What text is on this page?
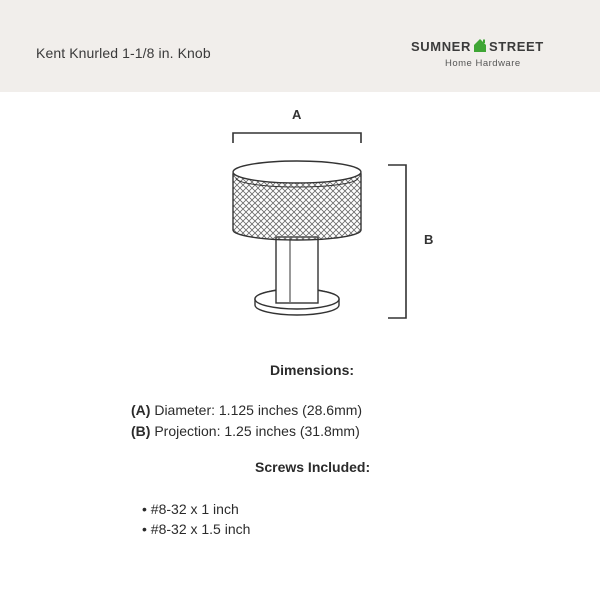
Kent Knurled 1-1/8 in. Knob	SUMNER STREET
Home Hardware
A
B
Dimensions:
(A) Diameter: 1.125 inches (28.6mm)
(B) Projection: 1.25 inches (31.8mm)
Screws Included:
• #8-32 x 1 inch
• #8-32 x 1.5 inch
